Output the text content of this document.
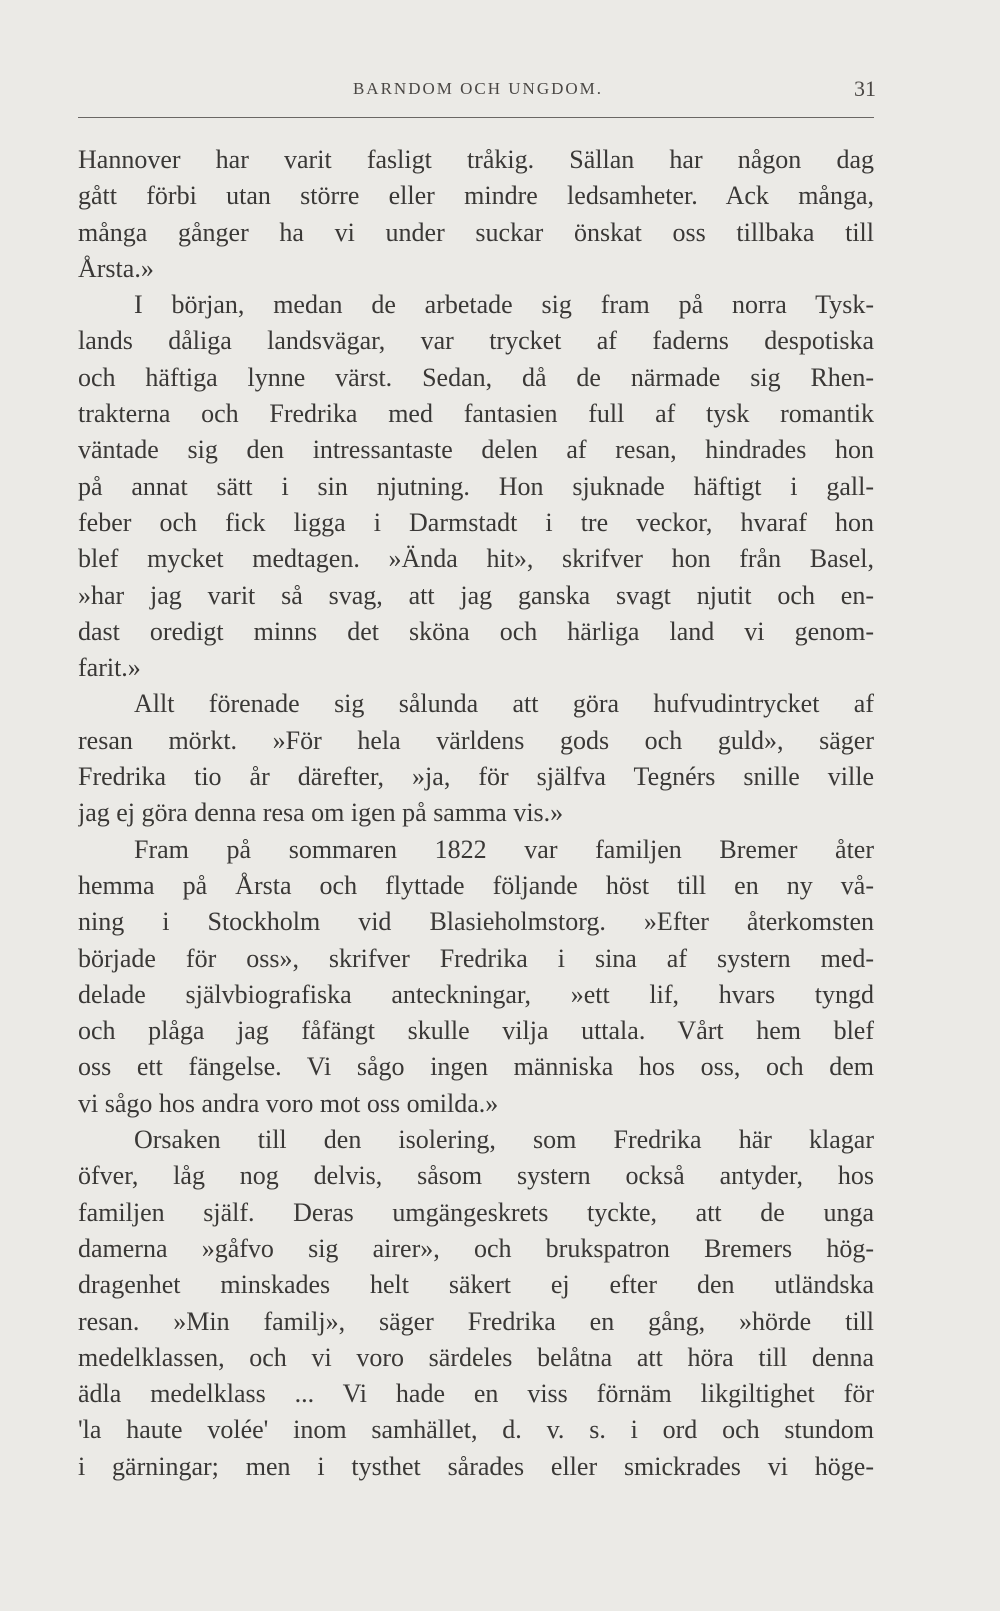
BARNDOM OCH UNGDOM.	31
Hannover har varit fasligt tråkig. Sällan har någon dag
gått förbi utan större eller mindre ledsamheter. Ack många,
många gånger ha vi under suckar önskat oss tillbaka till
Årsta.»
I början, medan de arbetade sig fram på norra Tysk-
lands dåliga landsvägar, var trycket af faderns despotiska
och häftiga lynne värst. Sedan, då de närmade sig Rhen-
trakterna och Fredrika med fantasien full af tysk romantik
väntade sig den intressantaste delen af resan, hindrades hon
på annat sätt i sin njutning. Hon sjuknade häftigt i gall-
feber och fick ligga i Darmstadt i tre veckor, hvaraf hon
blef mycket medtagen. »Ända hit», skrifver hon från Basel,
»har jag varit så svag, att jag ganska svagt njutit och en-
dast oredigt minns det sköna och härliga land vi genom-
farit.»
Allt förenade sig sålunda att göra hufvudintrycket af
resan mörkt. »För hela världens gods och guld», säger
Fredrika tio år därefter, »ja, för själfva Tegnérs snille ville
jag ej göra denna resa om igen på samma vis.»
Fram på sommaren 1822 var familjen Bremer åter
hemma på Årsta och flyttade följande höst till en ny vå-
ning i Stockholm vid Blasieholmstorg. »Efter återkomsten
började för oss», skrifver Fredrika i sina af systern med-
delade självbiografiska anteckningar, »ett lif, hvars tyngd
och plåga jag fåfängt skulle vilja uttala. Vårt hem blef
oss ett fängelse. Vi sågo ingen människa hos oss, och dem
vi sågo hos andra voro mot oss omilda.»
Orsaken till den isolering, som Fredrika här klagar
öfver, låg nog delvis, såsom systern också antyder, hos
familjen själf. Deras umgängeskrets tyckte, att de unga
damerna »gåfvo sig airer», och brukspatron Bremers hög-
dragenhet minskades helt säkert ej efter den utländska
resan. »Min familj», säger Fredrika en gång, »hörde till
medelklassen, och vi voro särdeles belåtna att höra till denna
ädla medelklass ... Vi hade en viss förnäm likgiltighet för
'la haute volée' inom samhället, d. v. s. i ord och stundom
i gärningar; men i tysthet sårades eller smickrades vi höge-
